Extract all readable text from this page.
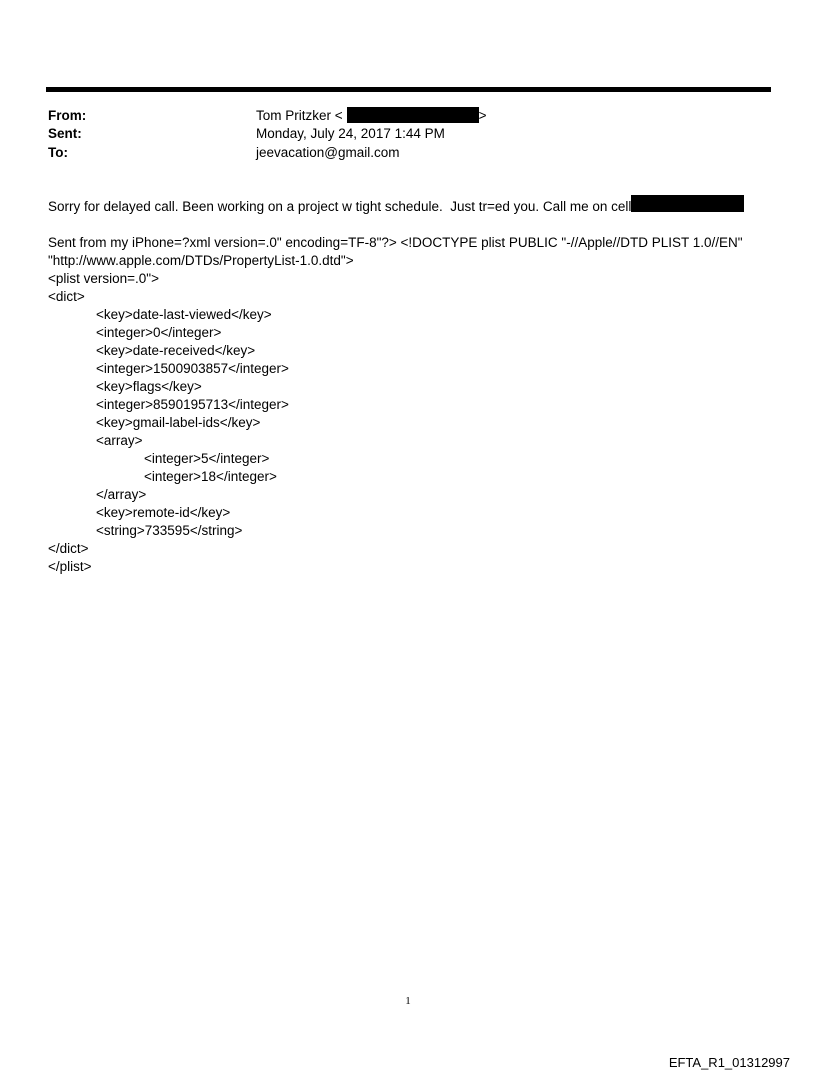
From:	Tom Pritzker <	>
Sent:	Monday, July 24, 2017 1:44 PM
To:	jeevacation@gmail.com
Sorry for delayed call. Been working on a project w tight schedule.  Just tr=ed you. Call me on cell
Sent from my iPhone=?xml version=.0" encoding=TF-8"?> <!DOCTYPE plist PUBLIC "-//Apple//DTD PLIST 1.0//EN"
"http://www.apple.com/DTDs/PropertyList-1.0.dtd">
<plist version=.0">
<dict>
<key>date-last-viewed</key>
<integer>0</integer>
<key>date-received</key>
<integer>1500903857</integer>
<key>flags</key>
<integer>8590195713</integer>
<key>gmail-label-ids</key>
<array>
<integer>5</integer>
<integer>18</integer>
</array>
<key>remote-id</key>
<string>733595</string>
</dict>
</plist>
1
EFTA_R1_01312997
